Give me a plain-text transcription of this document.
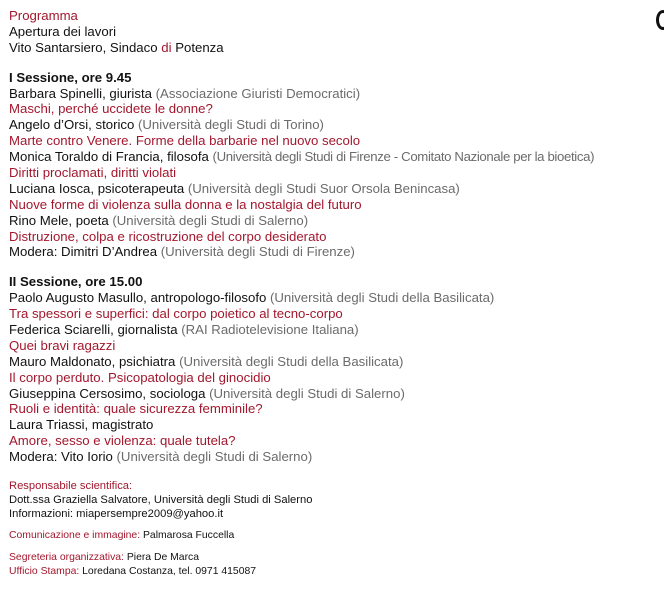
Programma
Apertura dei lavori
Vito Santarsiero, Sindaco di Potenza
I Sessione, ore 9.45
Barbara Spinelli, giurista (Associazione Giuristi Democratici)
Maschi, perché uccidete le donne?
Angelo d’Orsi, storico (Università degli Studi di Torino)
Marte contro Venere. Forme della barbarie nel nuovo secolo
Monica Toraldo di Francia, filosofa (Università degli Studi di Firenze - Comitato Nazionale per la bioetica)
Diritti proclamati, diritti violati
Luciana Iosca, psicoterapeuta (Università degli Studi Suor Orsola Benincasa)
Nuove forme di violenza sulla donna e la nostalgia del futuro
Rino Mele, poeta (Università degli Studi di Salerno)
Distruzione, colpa e ricostruzione del corpo desiderato
Modera: Dimitri D’Andrea (Università degli Studi di Firenze)
II Sessione, ore 15.00
Paolo Augusto Masullo, antropologo-filosofo (Università degli Studi della Basilicata)
Tra spessori e superfici: dal corpo poietico al tecno-corpo
Federica Sciarelli, giornalista (RAI Radiotelevisione Italiana)
Quei bravi ragazzi
Mauro Maldonato, psichiatra (Università degli Studi della Basilicata)
Il corpo perduto. Psicopatologia del ginocidio
Giuseppina Cersosimo, sociologa (Università degli Studi di Salerno)
Ruoli e identità: quale sicurezza femminile?
Laura Triassi, magistrato
Amore, sesso e violenza: quale tutela?
Modera: Vito Iorio (Università degli Studi di Salerno)
Responsabile scientifica:
Dott.ssa Graziella Salvatore, Università degli Studi di Salerno
Informazioni: miapersempre2009@yahoo.it
Comunicazione e immagine: Palmarosa Fuccella
Segreteria organizzativa: Piera De Marca
Ufficio Stampa: Loredana Costanza, tel. 0971 415087
